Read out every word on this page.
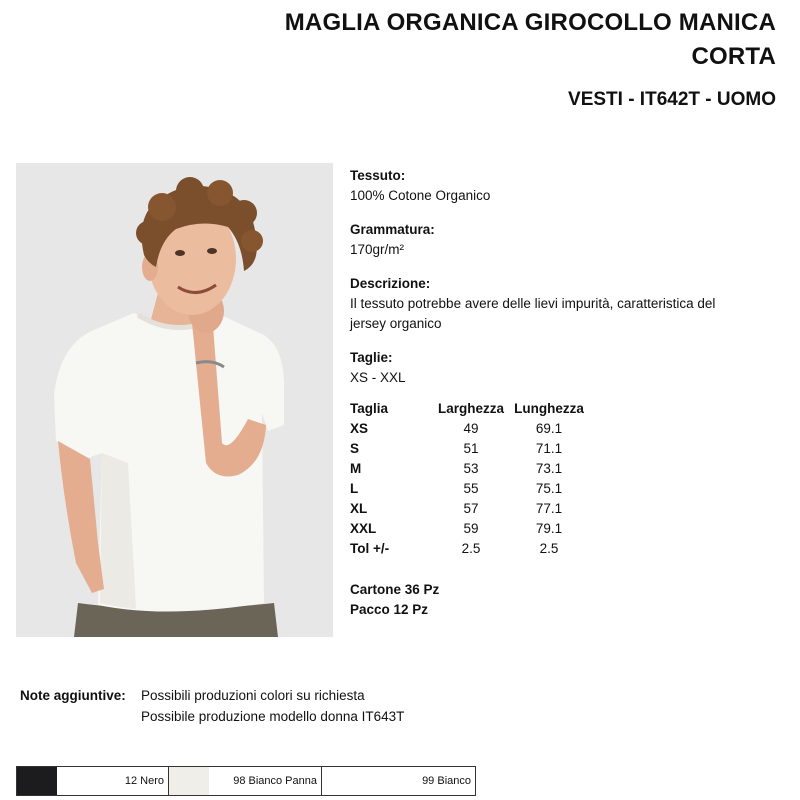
MAGLIA ORGANICA GIROCOLLO MANICA
CORTA
VESTI - IT642T - UOMO
Tessuto:
100% Cotone Organico
Grammatura:
170gr/m²
Descrizione:
Il tessuto potrebbe avere delle lievi impurità, caratteristica del jersey organico
Taglie:
XS - XXL
Taglia	Larghezza	Lunghezza
XS	49	69.1
S	51	71.1
M	53	73.1
L	55	75.1
XL	57	77.1
XXL	59	79.1
Tol +/-	2.5	2.5
Cartone 36 Pz
Pacco 12 Pz
Note aggiuntive:	Possibili produzioni colori su richiesta
Possibile produzione modello donna IT643T
12 Nero	98 Bianco Panna	99 Bianco
